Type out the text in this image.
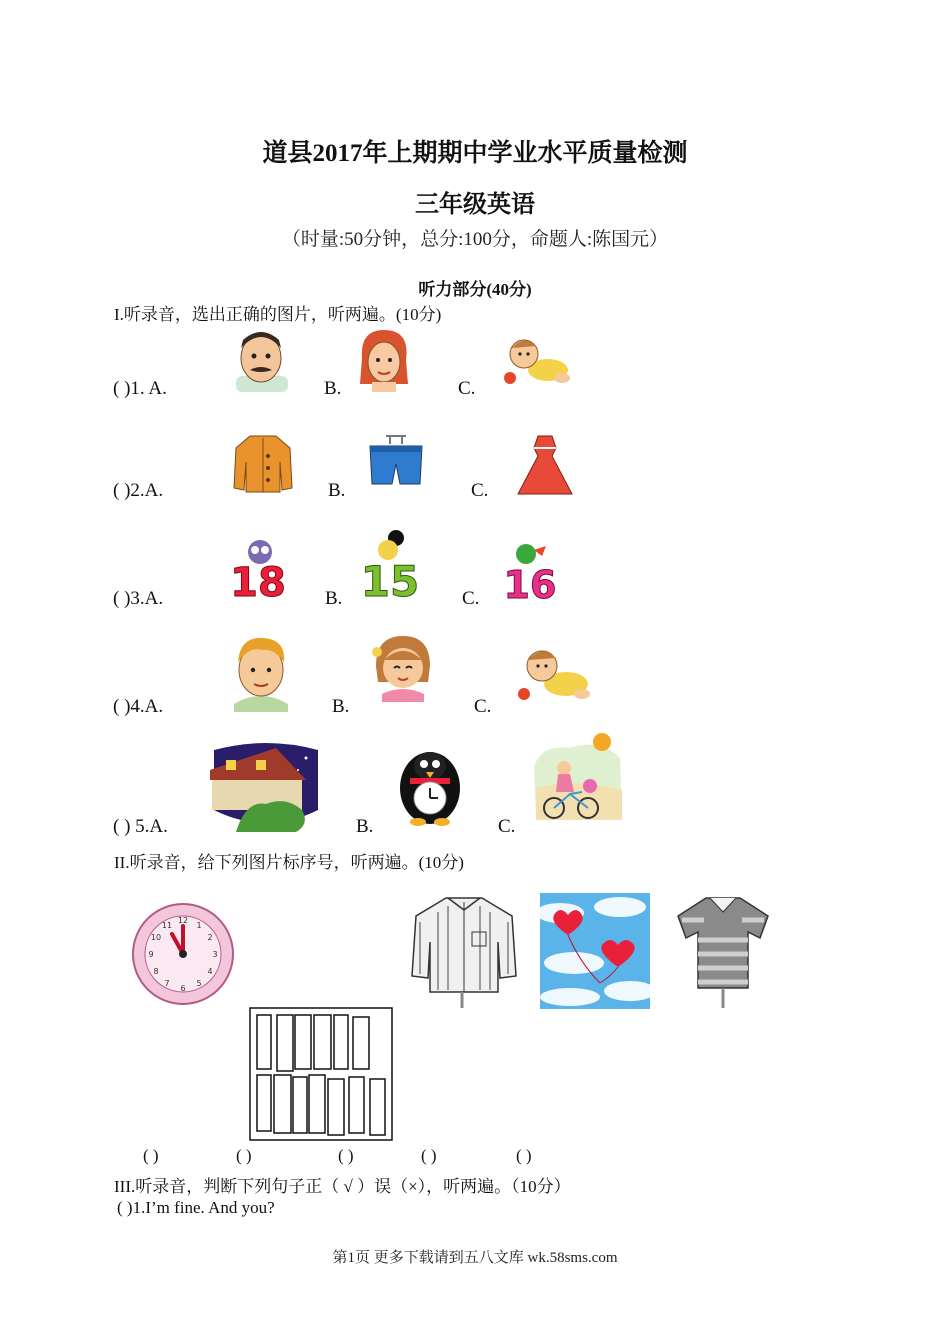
道县2017年上期期中学业水平质量检测
三年级英语
（时量:50分钟，总分:100分，命题人:陈国元）
听力部分(40分)
I.听录音，选出正确的图片，听两遍。(10分)
( )1. A.	B.	C.
( )2.A.	B.	C.
( )3.A.	B.	C.
18 15 16
( )4.A.	B.	C.
( ) 5.A.	B.	C.
II.听录音，给下列图片标序号，听两遍。(10分)
12
1
2
3
4
5
6
7
8
9
10
11
( )	( )	( )	( )	( )
III.听录音，判断下列句子正（ √ ）误（×），听两遍。（10分）
( )1.I’m fine. And you?
第1页 更多下载请到五八文库 wk.58sms.com
